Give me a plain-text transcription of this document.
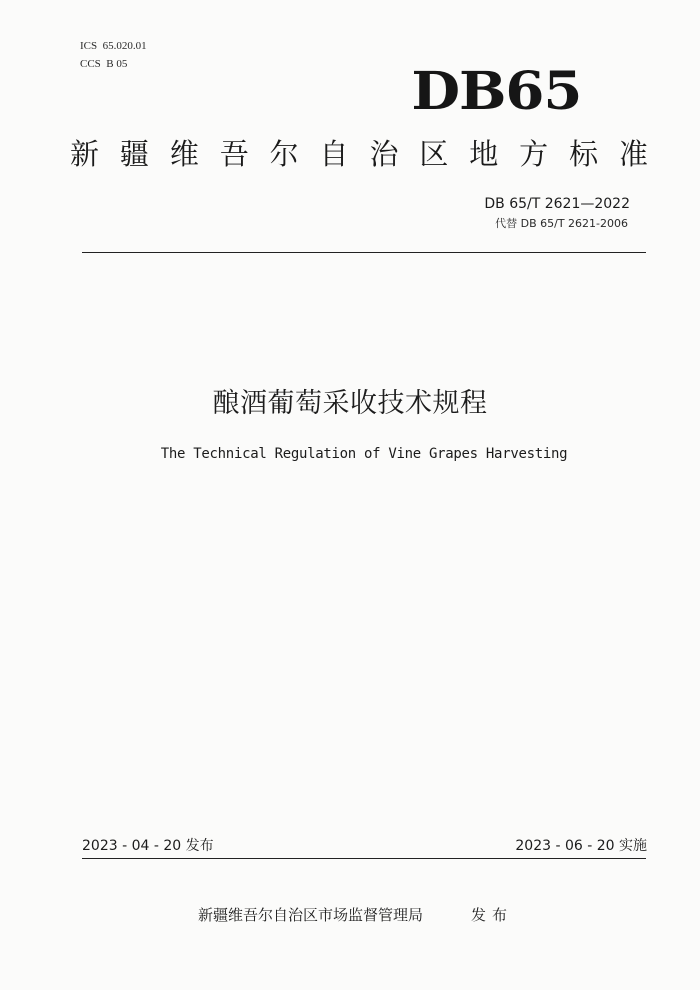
ICS  65.020.01
CCS  B 05	DB65
新 疆 维 吾 尔 自 治 区 地 方 标 准
DB 65/T 2621—2022
代替 DB 65/T 2621-2006
酿酒葡萄采收技术规程
The Technical Regulation of Vine Grapes Harvesting
2023 - 04 - 20 发布	2023 - 06 - 20 实施
新疆维吾尔自治区市场监督管理局	发布
